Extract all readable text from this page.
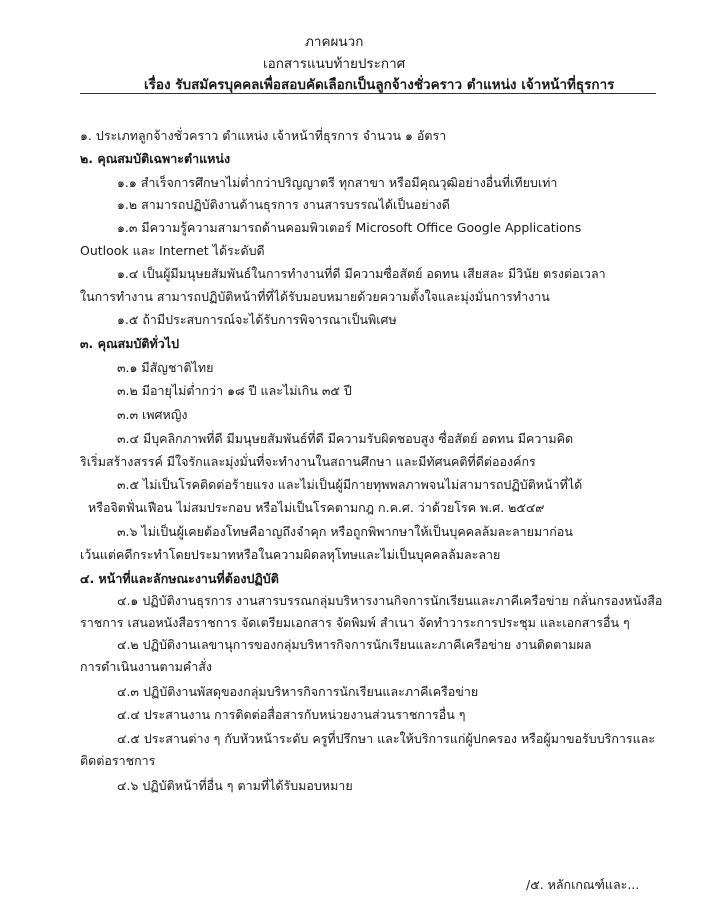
ภาคผนวก
เอกสารแนบท้ายประกาศ
เรื่อง รับสมัครบุคคลเพื่อสอบคัดเลือกเป็นลูกจ้างชั่วคราว ตำแหน่ง เจ้าหน้าที่ธุรการ
๑. ประเภทลูกจ้างชั่วคราว ตำแหน่ง เจ้าหน้าที่ธุรการ จำนวน ๑ อัตรา
๒. คุณสมบัติเฉพาะตำแหน่ง
๑.๑ สำเร็จการศึกษาไม่ต่ำกว่าปริญญาตรี ทุกสาขา หรือมีคุณวุฒิอย่างอื่นที่เทียบเท่า
๑.๒ สามารถปฏิบัติงานด้านธุรการ งานสารบรรณได้เป็นอย่างดี
๑.๓ มีความรู้ความสามารถด้านคอมพิวเตอร์ Microsoft Office Google Applications
Outlook และ Internet ได้ระดับดี
๑.๔ เป็นผู้มีมนุษยสัมพันธ์ในการทำงานที่ดี มีความซื่อสัตย์ อดทน เสียสละ มีวินัย ตรงต่อเวลา
ในการทำงาน สามารถปฏิบัติหน้าที่ที่ได้รับมอบหมายด้วยความตั้งใจและมุ่งมั่นการทำงาน
๑.๕ ถ้ามีประสบการณ์จะได้รับการพิจารณาเป็นพิเศษ
๓. คุณสมบัติทั่วไป
๓.๑ มีสัญชาติไทย
๓.๒ มีอายุไม่ต่ำกว่า ๑๘ ปี และไม่เกิน ๓๕ ปี
๓.๓ เพศหญิง
๓.๔ มีบุคลิกภาพที่ดี มีมนุษยสัมพันธ์ที่ดี มีความรับผิดชอบสูง ซื่อสัตย์ อดทน มีความคิด
ริเริ่มสร้างสรรค์ มีใจรักและมุ่งมั่นที่จะทำงานในสถานศึกษา และมีทัศนคติที่ดีต่อองค์กร
๓.๕ ไม่เป็นโรคติดต่อร้ายแรง และไม่เป็นผู้มีกายทุพพลภาพจนไม่สามารถปฏิบัติหน้าที่ได้
หรือจิตฟั่นเฟือน ไม่สมประกอบ หรือไม่เป็นโรคตามกฎ ก.ค.ศ. ว่าด้วยโรค พ.ศ. ๒๕๔๙
๓.๖ ไม่เป็นผู้เคยต้องโทษคือาญถึงจำคุก หรือถูกพิพากษาให้เป็นบุคคลล้มละลายมาก่อน
เว้นแต่คดีกระทำโดยประมาทหรือในความผิดลหุโทษและไม่เป็นบุคคลล้มละลาย
๔. หน้าที่และลักษณะงานที่ต้องปฏิบัติ
๔.๑ ปฏิบัติงานธุรการ งานสารบรรณกลุ่มบริหารงานกิจการนักเรียนและภาคีเครือข่าย กลั่นกรองหนังสือ
ราชการ เสนอหนังสือราชการ จัดเตรียมเอกสาร จัดพิมพ์ สำเนา จัดทำวาระการประชุม และเอกสารอื่น ๆ
๔.๒ ปฏิบัติงานเลขานุการของกลุ่มบริหารกิจการนักเรียนและภาคีเครือข่าย งานติดตามผล
การดำเนินงานตามคำสั่ง
๔.๓ ปฏิบัติงานพัสดุของกลุ่มบริหารกิจการนักเรียนและภาคีเครือข่าย
๔.๔ ประสานงาน การติดต่อสื่อสารกับหน่วยงานส่วนราชการอื่น ๆ
๔.๕ ประสานต่าง ๆ กับหัวหน้าระดับ ครูที่ปรึกษา และให้บริการแก่ผู้ปกครอง หรือผู้มาขอรับบริการและ
ติดต่อราชการ
๔.๖ ปฏิบัติหน้าที่อื่น ๆ ตามที่ได้รับมอบหมาย
/๕. หลักเกณฑ์และ...
